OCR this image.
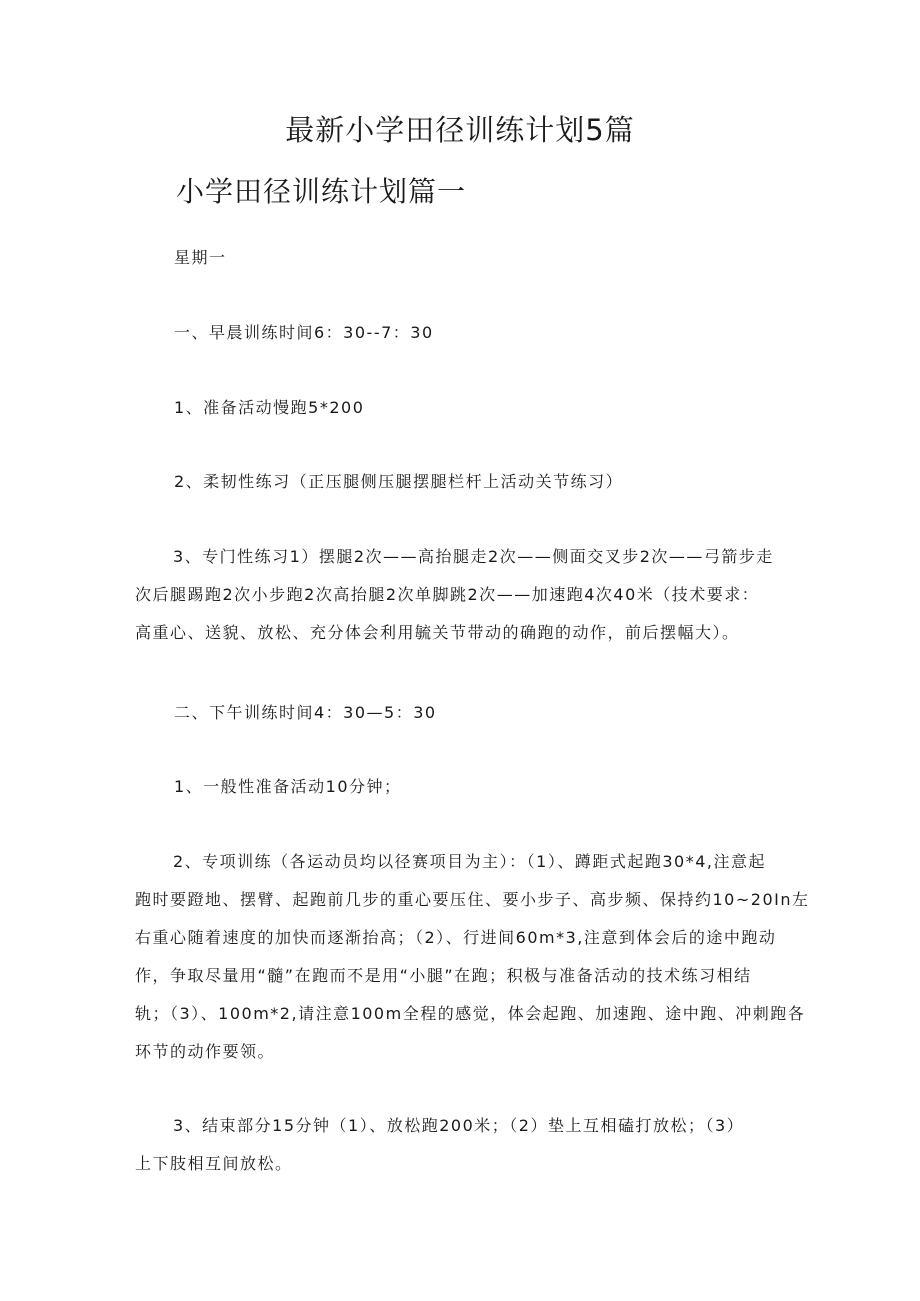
最新小学田径训练计划5篇
小学田径训练计划篇一
星期一
一、早晨训练时间6：30--7：30
1、准备活动慢跑5*200
2、柔韧性练习（正压腿侧压腿摆腿栏杆上活动关节练习）
3、专门性练习1）摆腿2次——高抬腿走2次——侧面交叉步2次——弓箭步走
次后腿踢跑2次小步跑2次高抬腿2次单脚跳2次——加速跑4次40米（技术要求：
高重心、送貌、放松、充分体会利用毓关节带动的确跑的动作，前后摆幅大）。
二、下午训练时间4：30—5：30
1、一般性准备活动10分钟；
2、专项训练（各运动员均以径赛项目为主）：（1）、蹲距式起跑30*4,注意起
跑时要蹬地、摆臂、起跑前几步的重心要压住、要小步子、高步频、保持约10~20In左
右重心随着速度的加快而逐渐抬高；（2）、行进间60m*3,注意到体会后的途中跑动
作，争取尽量用“髓”在跑而不是用“小腿”在跑；积极与准备活动的技术练习相结
轨；（3）、100m*2,请注意100m全程的感觉，体会起跑、加速跑、途中跑、冲刺跑各
环节的动作要领。
3、结束部分15分钟（1）、放松跑200米；（2）垫上互相磕打放松；（3）
上下肢相互间放松。
